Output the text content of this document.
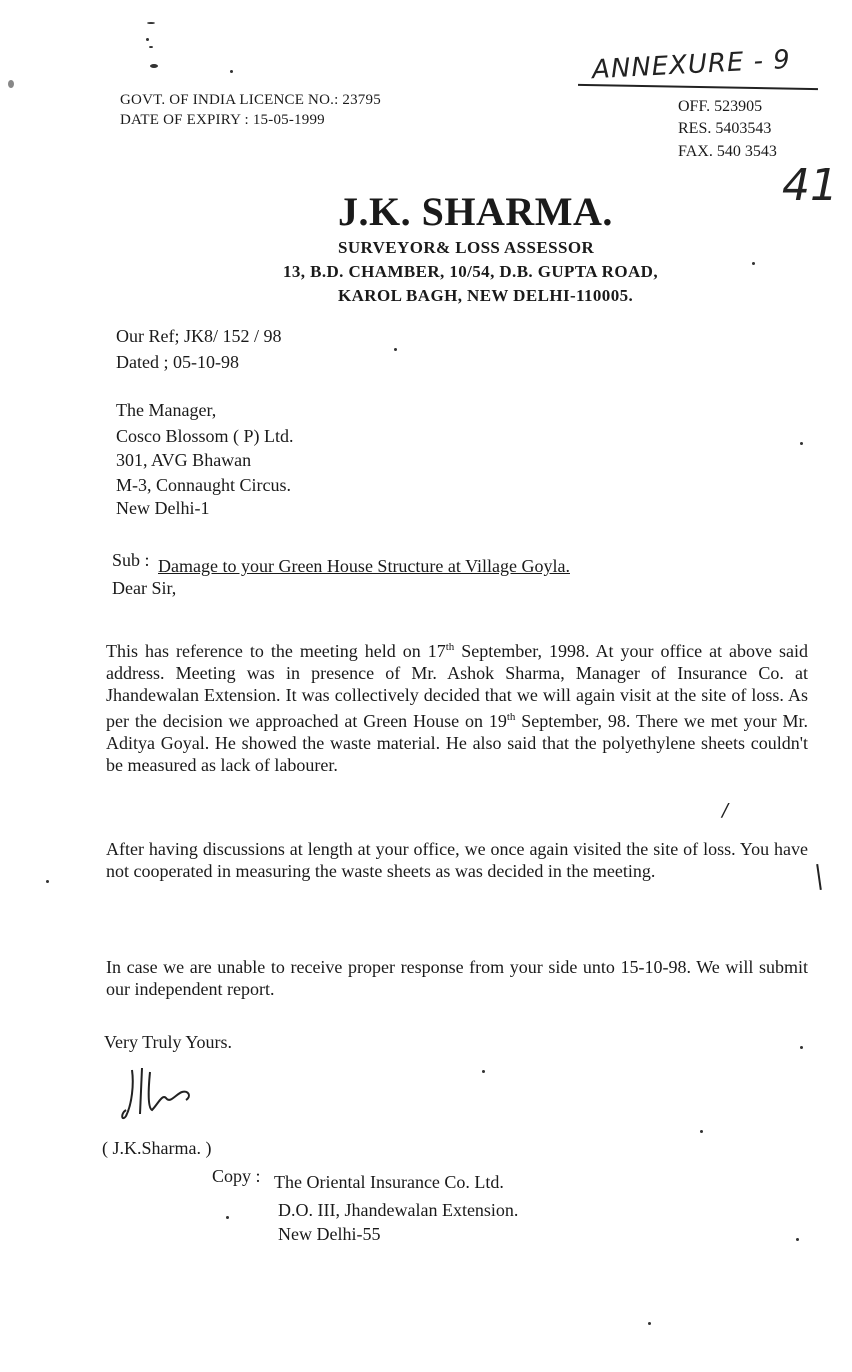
ANNEXURE - 9
41
GOVT. OF INDIA LICENCE NO.: 23795
DATE OF EXPIRY : 15-05-1999
OFF. 523905
RES. 5403543
FAX. 540 3543
J.K. SHARMA.
SURVEYOR& LOSS ASSESSOR
13, B.D. CHAMBER, 10/54, D.B. GUPTA ROAD,
KAROL BAGH, NEW DELHI-110005.
Our Ref; JK8/ 152 / 98
Dated ; 05-10-98
The Manager,
Cosco Blossom ( P) Ltd.
301, AVG Bhawan
M-3, Connaught Circus.
New Delhi-1
Sub : Damage to your Green House Structure at Village Goyla.
Dear Sir,
This has reference to the meeting held on 17th September, 1998. At your office at above said address. Meeting was in presence of Mr. Ashok Sharma, Manager of Insurance Co. at Jhandewalan Extension. It was collectively decided that we will again visit at the site of loss. As per the decision we approached at Green House on 19th September, 98. There we met your Mr. Aditya Goyal. He showed the waste material. He also said that the polyethylene sheets couldn't be measured as lack of labourer.
After having discussions at length at your office, we once again visited the site of loss. You have not cooperated in measuring the waste sheets as was decided in the meeting.
In case we are unable to receive proper response from your side unto 15-10-98. We will submit our independent report.
/
Very Truly Yours.
( J.K.Sharma. )
Copy : The Oriental Insurance Co. Ltd.
D.O. III, Jhandewalan Extension.
New Delhi-55
